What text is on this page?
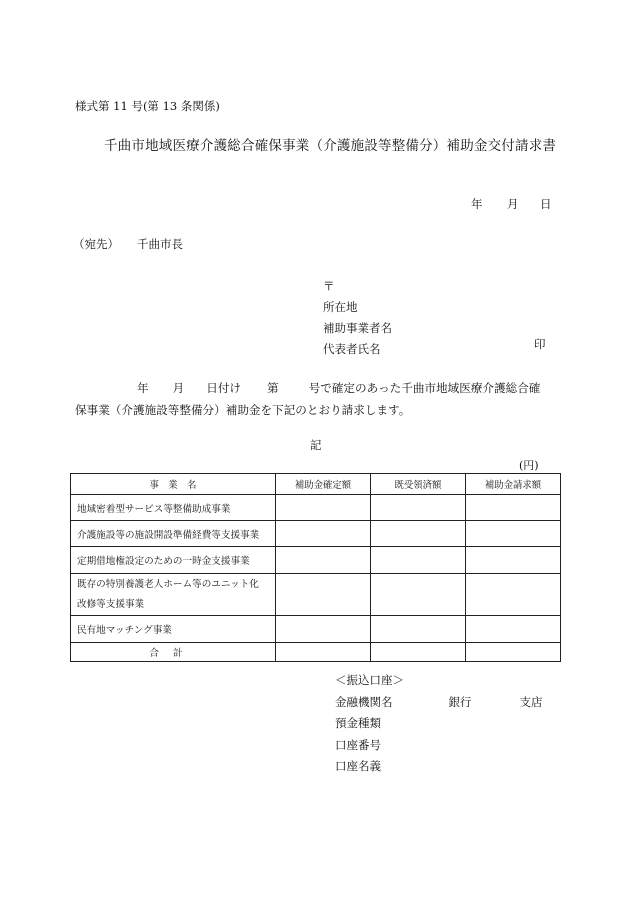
様式第 11 号(第 13 条関係)
千曲市地域医療介護総合確保事業（介護施設等整備分）補助金交付請求書
年 月 日
（宛先） 千曲市長
〒
所在地
補助事業者名
代表者氏名	印
年 月 日付け 第	号で確定のあった千曲市地域医療介護総合確
保事業（介護施設等整備分）補助金を下記のとおり請求します。
記
(円)
事　業　名	補助金確定額	既受領済額	補助金請求額
地域密着型サービス等整備助成事業			
介護施設等の施設開設準備経費等支援事業			
定期借地権設定のための一時金支援事業			

既存の特別養護老人ホーム等のユニット化
改修等支援事業			

民有地マッチング事業			
合計			
＜振込口座＞
金融機関名	銀行	支店
預金種類
口座番号
口座名義
